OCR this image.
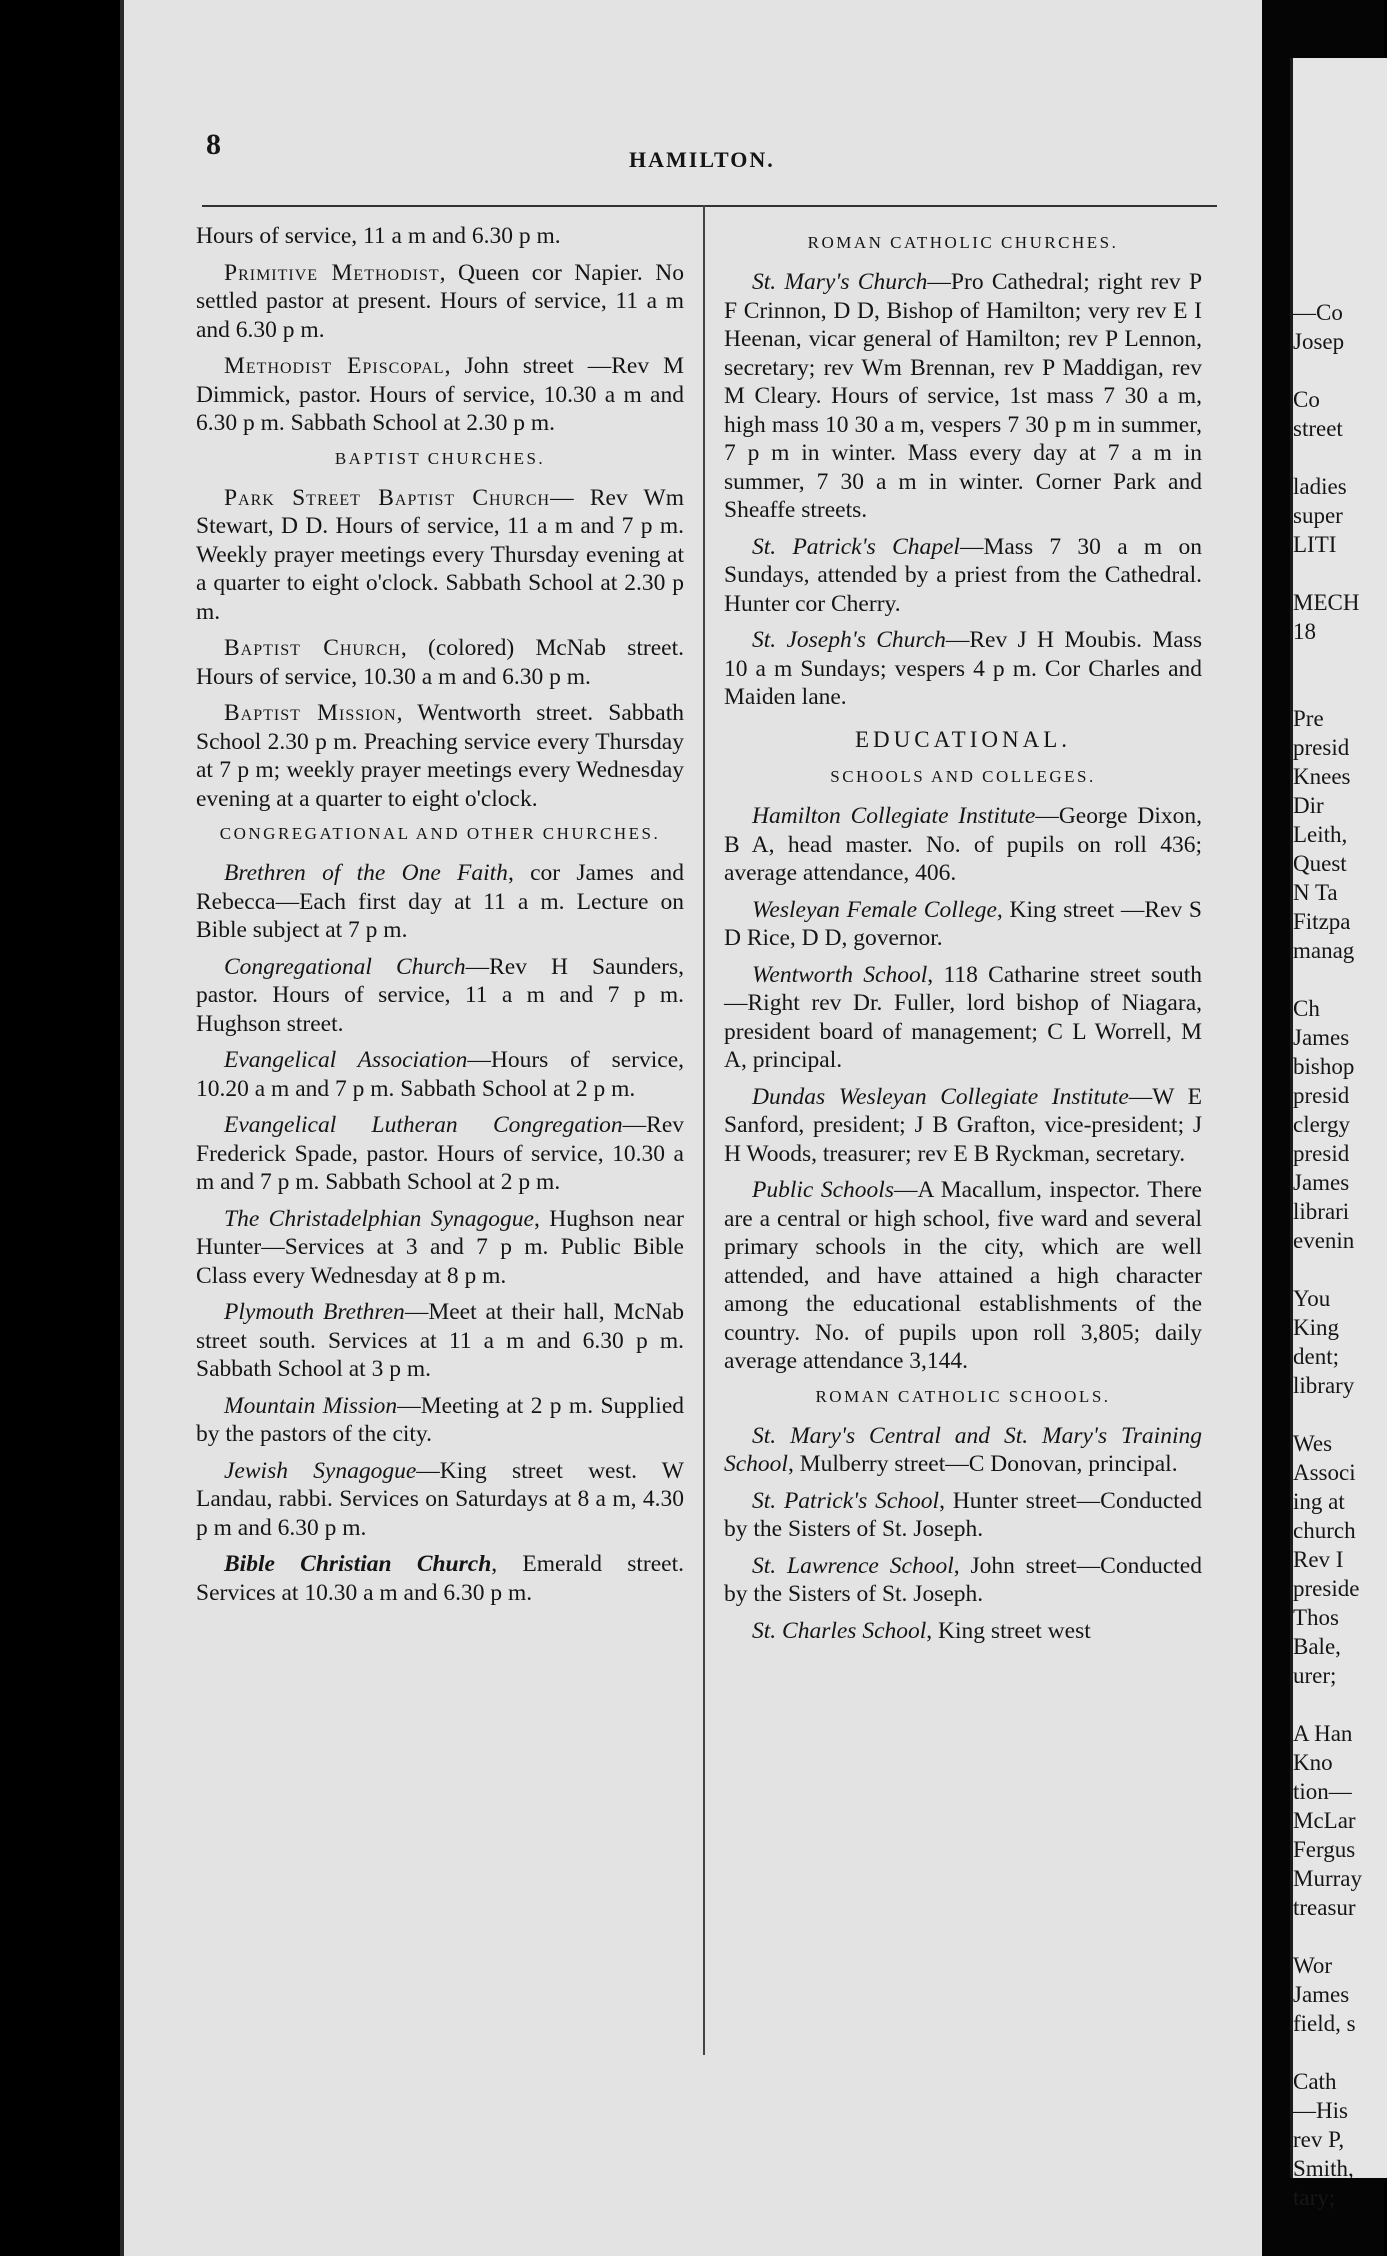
8	HAMILTON.

Hours of service, 11 a m and 6.30 p m.

Primitive Methodist, Queen cor Napier. No settled pastor at present. Hours of service, 11 a m and 6.30 p m.

Methodist Episcopal, John street —Rev M Dimmick, pastor. Hours of service, 10.30 a m and 6.30 p m. Sabbath School at 2.30 p m.

BAPTIST CHURCHES.

Park Street Baptist Church— Rev Wm Stewart, D D. Hours of service, 11 a m and 7 p m. Weekly prayer meetings every Thursday evening at a quarter to eight o'clock. Sabbath School at 2.30 p m.

Baptist Church, (colored) McNab street. Hours of service, 10.30 a m and 6.30 p m.

Baptist Mission, Wentworth street. Sabbath School 2.30 p m. Preaching service every Thursday at 7 p m; weekly prayer meetings every Wednesday evening at a quarter to eight o'clock.

CONGREGATIONAL AND OTHER CHURCHES.

Brethren of the One Faith, cor James and Rebecca—Each first day at 11 a m. Lecture on Bible subject at 7 p m.

Congregational Church—Rev H Saunders, pastor. Hours of service, 11 a m and 7 p m. Hughson street.

Evangelical Association—Hours of service, 10.20 a m and 7 p m. Sabbath School at 2 p m.

Evangelical Lutheran Congregation—Rev Frederick Spade, pastor. Hours of service, 10.30 a m and 7 p m. Sabbath School at 2 p m.

The Christadelphian Synagogue, Hughson near Hunter—Services at 3 and 7 p m. Public Bible Class every Wednesday at 8 p m.

Plymouth Brethren—Meet at their hall, McNab street south. Services at 11 a m and 6.30 p m. Sabbath School at 3 p m.

Mountain Mission—Meeting at 2 p m. Supplied by the pastors of the city.

Jewish Synagogue—King street west. W Landau, rabbi. Services on Saturdays at 8 a m, 4.30 p m and 6.30 p m.

Bible Christian Church, Emerald street. Services at 10.30 a m and 6.30 p m.

ROMAN CATHOLIC CHURCHES.

St. Mary's Church—Pro Cathedral; right rev P F Crinnon, D D, Bishop of Hamilton; very rev E I Heenan, vicar general of Hamilton; rev P Lennon, secretary; rev Wm Brennan, rev P Maddigan, rev M Cleary. Hours of service, 1st mass 7 30 a m, high mass 10 30 a m, vespers 7 30 p m in summer, 7 p m in winter. Mass every day at 7 a m in summer, 7 30 a m in winter. Corner Park and Sheaffe streets.

St. Patrick's Chapel—Mass 7 30 a m on Sundays, attended by a priest from the Cathedral. Hunter cor Cherry.

St. Joseph's Church—Rev J H Moubis. Mass 10 a m Sundays; vespers 4 p m. Cor Charles and Maiden lane.

EDUCATIONAL.
SCHOOLS AND COLLEGES.

Hamilton Collegiate Institute—George Dixon, B A, head master. No. of pupils on roll 436; average attendance, 406.

Wesleyan Female College, King street —Rev S D Rice, D D, governor.

Wentworth School, 118 Catharine street south—Right rev Dr. Fuller, lord bishop of Niagara, president board of management; C L Worrell, M A, principal.

Dundas Wesleyan Collegiate Institute—W E Sanford, president; J B Grafton, vice-president; J H Woods, treasurer; rev E B Ryckman, secretary.

Public Schools—A Macallum, inspector. There are a central or high school, five ward and several primary schools in the city, which are well attended, and have attained a high character among the educational establishments of the country. No. of pupils upon roll 3,805; daily average attendance 3,144.

ROMAN CATHOLIC SCHOOLS.

St. Mary's Central and St. Mary's Training School, Mulberry street—C Donovan, principal.

St. Patrick's School, Hunter street—Conducted by the Sisters of St. Joseph.

St. Lawrence School, John street—Conducted by the Sisters of St. Joseph.

St. Charles School, King street west

—Co
Josep
Co
street
ladies
super
LITI
MECH
18
Pre
presid
Knees
Dir
Leith,
Quest
N Ta
Fitzpa
manag
Ch
James
bishop
presid
clergy
presid
James
librari
evenin
You
King
dent;
library
Wes
Associ
ing at
church
Rev I
preside
Thos
Bale,
urer;
A Han
Kno
tion—
McLar
Fergus
Murray
treasur
Wor
James
field, s
Cath
—His
rev P,
Smith,
tary;
